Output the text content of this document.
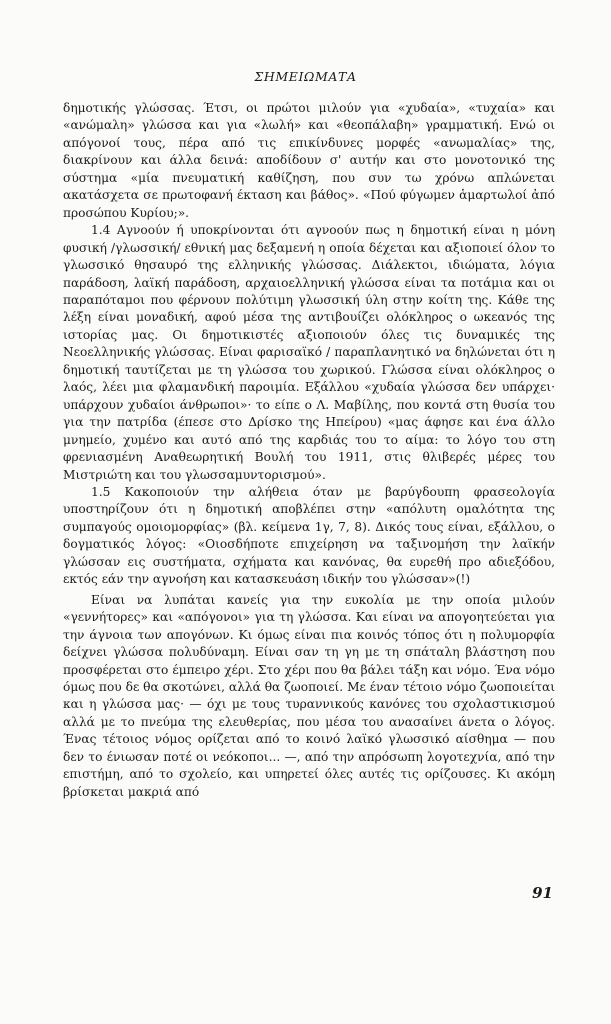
ΣΗΜΕΙΩΜΑΤΑ

δημοτικής γλώσσας. Έτσι, οι πρώτοι μιλούν για «χυδαία», «τυχαία» και «ανώμαλη» γλώσσα και για «λωλή» και «θεοπάλαβη» γραμματική. Ενώ οι απόγονοί τους, πέρα από τις επικίνδυνες μορφές «ανωμαλίας» της, διακρίνουν και άλλα δεινά: αποδίδουν σ' αυτήν και στο μονοτονικό της σύστημα «μία πνευματική καθίζηση, που συν τω χρόνω απλώνεται ακατάσχετα σε πρωτοφανή έκταση και βάθος». «Πού φύγωμεν ἁμαρτωλοί ἀπό προσώπου Κυρίου;».

1.4 Αγνοούν ή υποκρίνονται ότι αγνοούν πως η δημοτική είναι η μόνη φυσική /γλωσσική/ εθνική μας δεξαμενή η οποία δέχεται και αξιοποιεί όλον το γλωσσικό θησαυρό της ελληνικής γλώσσας. Διάλεκτοι, ιδιώματα, λόγια παράδοση, λαϊκή παράδοση, αρχαιοελληνική γλώσσα είναι τα ποτάμια και οι παραπόταμοι που φέρνουν πολύτιμη γλωσσική ύλη στην κοίτη της. Κάθε της λέξη είναι μοναδική, αφού μέσα της αντιβουίζει ολόκληρος ο ωκεανός της ιστορίας μας. Οι δημοτικιστές αξιοποιούν όλες τις δυναμικές της Νεοελληνικής γλώσσας. Είναι φαρισαϊκό / παραπλανητικό να δηλώνεται ότι η δημοτική ταυτίζεται με τη γλώσσα του χωρικού. Γλώσσα είναι ολόκληρος ο λαός, λέει μια φλαμανδική παροιμία. Εξάλλου «χυδαία γλώσσα δεν υπάρχει· υπάρχουν χυδαίοι άνθρωποι»· το είπε ο Λ. Μαβίλης, που κοντά στη θυσία του για την πατρίδα (έπεσε στο Δρίσκο της Ηπείρου) «μας άφησε και ένα άλλο μνημείο, χυμένο και αυτό από της καρδιάς του το αίμα: το λόγο του στη φρενιασμένη Αναθεωρητική Βουλή του 1911, στις θλιβερές μέρες του Μιστριώτη και του γλωσσαμυντορισμού».

1.5 Κακοποιούν την αλήθεια όταν με βαρύγδουπη φρασεολογία υποστηρίζουν ότι η δημοτική αποβλέπει στην «απόλυτη ομαλότητα της συμπαγούς ομοιομορφίας» (βλ. κείμενα 1γ, 7, 8). Δικός τους είναι, εξάλλου, ο δογματικός λόγος: «Οιοσδήποτε επιχείρηση να ταξινομήση την λαϊκήν γλώσσαν εις συστήματα, σχήματα και κανόνας, θα ευρεθή προ αδιεξόδου, εκτός εάν την αγνοήση και κατασκευάση ιδικήν του γλώσσαν»(!)

Είναι να λυπάται κανείς για την ευκολία με την οποία μιλούν «γεννήτορες» και «απόγονοι» για τη γλώσσα. Και είναι να απογοητεύεται για την άγνοια των απογόνων. Κι όμως είναι πια κοινός τόπος ότι η πολυμορφία δείχνει γλώσσα πολυδύναμη. Είναι σαν τη γη με τη σπάταλη βλάστηση που προσφέρεται στο έμπειρο χέρι. Στο χέρι που θα βάλει τάξη και νόμο. Ένα νόμο όμως που δε θα σκοτώνει, αλλά θα ζωοποιεί. Με έναν τέτοιο νόμο ζωοποιείται και η γλώσσα μας· — όχι με τους τυραννικούς κανόνες του σχολαστικισμού αλλά με το πνεύμα της ελευθερίας, που μέσα του ανασαίνει άνετα ο λόγος. Ένας τέτοιος νόμος ορίζεται από το κοινό λαϊκό γλωσσικό αίσθημα — που δεν το ένιωσαν ποτέ οι νεόκοποι... —, από την απρόσωπη λογοτεχνία, από την επιστήμη, από το σχολείο, και υπηρετεί όλες αυτές τις ορίζουσες. Κι ακόμη βρίσκεται μακριά από

91
